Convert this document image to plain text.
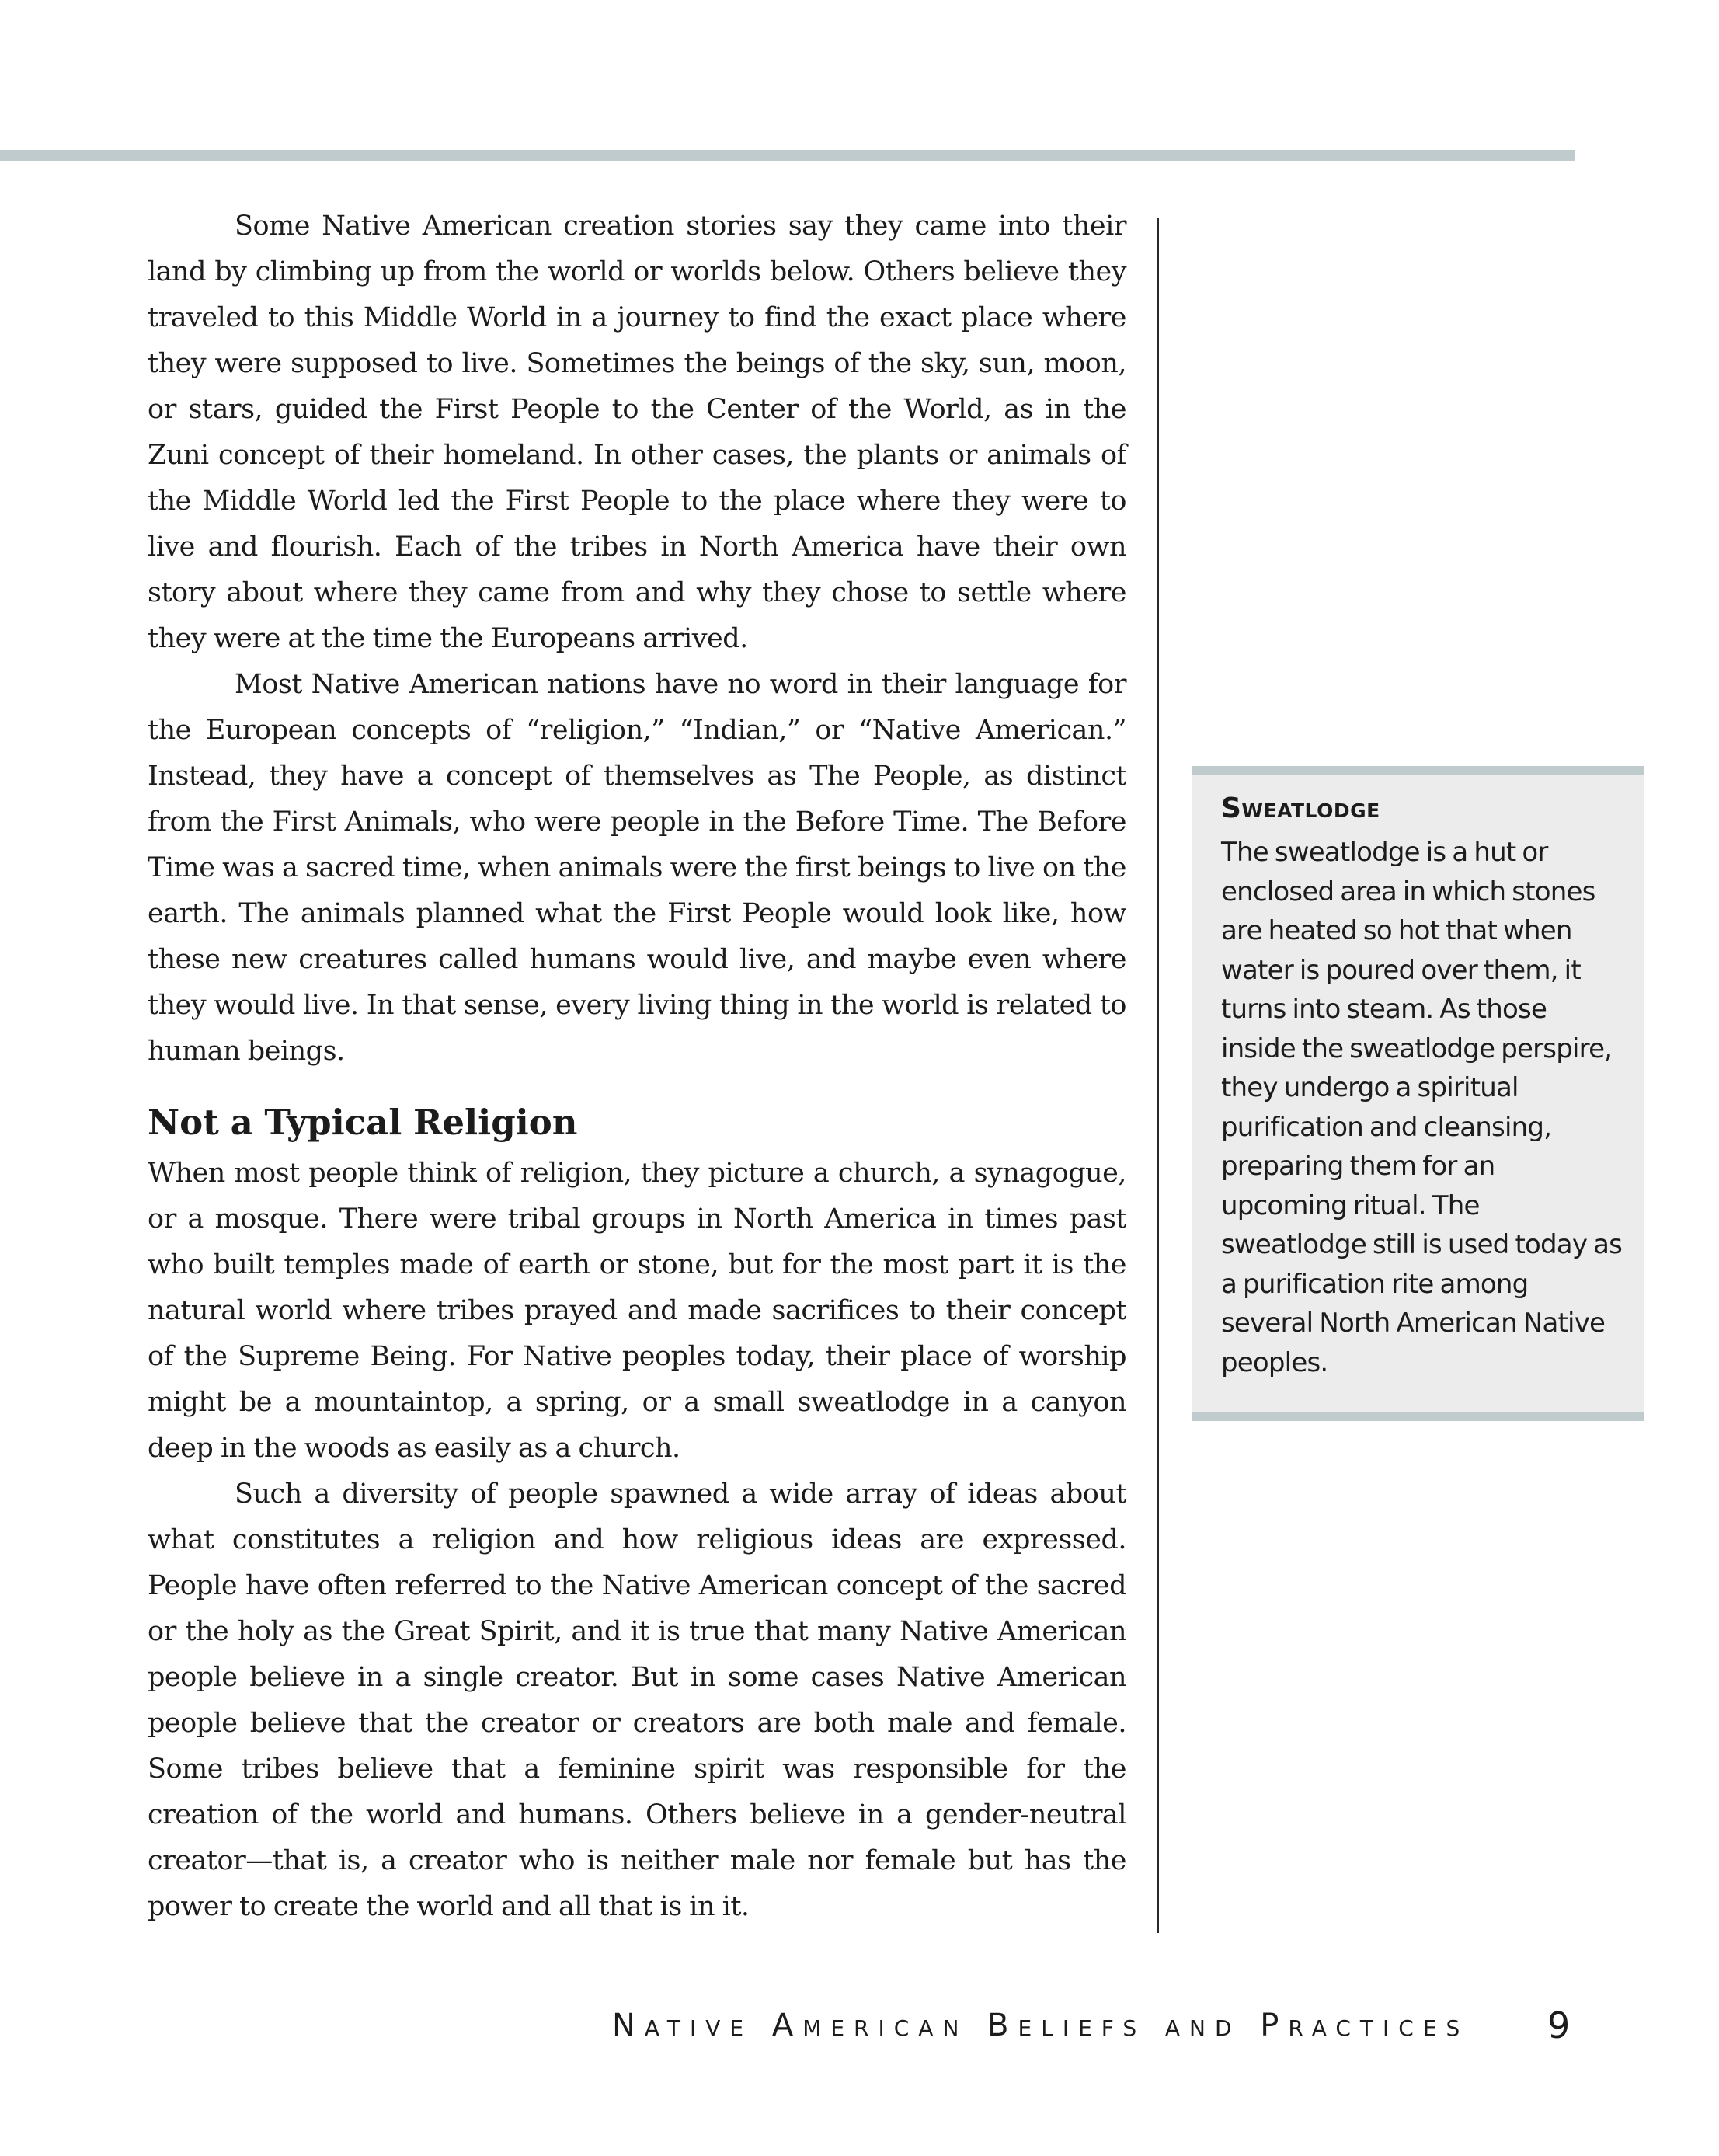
Some Native American creation stories say they came into their land by climbing up from the world or worlds below. Others believe they traveled to this Middle World in a journey to find the exact place where they were supposed to live. Sometimes the beings of the sky, sun, moon, or stars, guided the First People to the Center of the World, as in the Zuni concept of their homeland. In other cases, the plants or animals of the Middle World led the First People to the place where they were to live and flourish. Each of the tribes in North America have their own story about where they came from and why they chose to settle where they were at the time the Europeans arrived.

Most Native American nations have no word in their language for the European concepts of “religion,” “Indian,” or “Native American.” Instead, they have a concept of themselves as The People, as distinct from the First Animals, who were people in the Before Time. The Before Time was a sacred time, when animals were the first beings to live on the earth. The animals planned what the First People would look like, how these new creatures called humans would live, and maybe even where they would live. In that sense, every living thing in the world is related to human beings.

Not a Typical Religion

When most people think of religion, they picture a church, a synagogue, or a mosque. There were tribal groups in North America in times past who built temples made of earth or stone, but for the most part it is the natural world where tribes prayed and made sacrifices to their concept of the Supreme Being. For Native peoples today, their place of worship might be a mountaintop, a spring, or a small sweatlodge in a canyon deep in the woods as easily as a church.

Such a diversity of people spawned a wide array of ideas about what constitutes a religion and how religious ideas are expressed. People have often referred to the Native American concept of the sacred or the holy as the Great Spirit, and it is true that many Native American people believe in a single creator. But in some cases Native American people believe that the creator or creators are both male and female. Some tribes believe that a feminine spirit was responsible for the creation of the world and humans. Others believe in a gender-neutral creator—that is, a creator who is neither male nor female but has the power to create the world and all that is in it.

Sweatlodge

The sweatlodge is a hut or enclosed area in which stones are heated so hot that when water is poured over them, it turns into steam. As those inside the sweatlodge perspire, they undergo a spiritual purification and cleansing, preparing them for an upcoming ritual. The sweatlodge still is used today as a purification rite among several North American Native peoples.

Native American Beliefs and Practices 9
